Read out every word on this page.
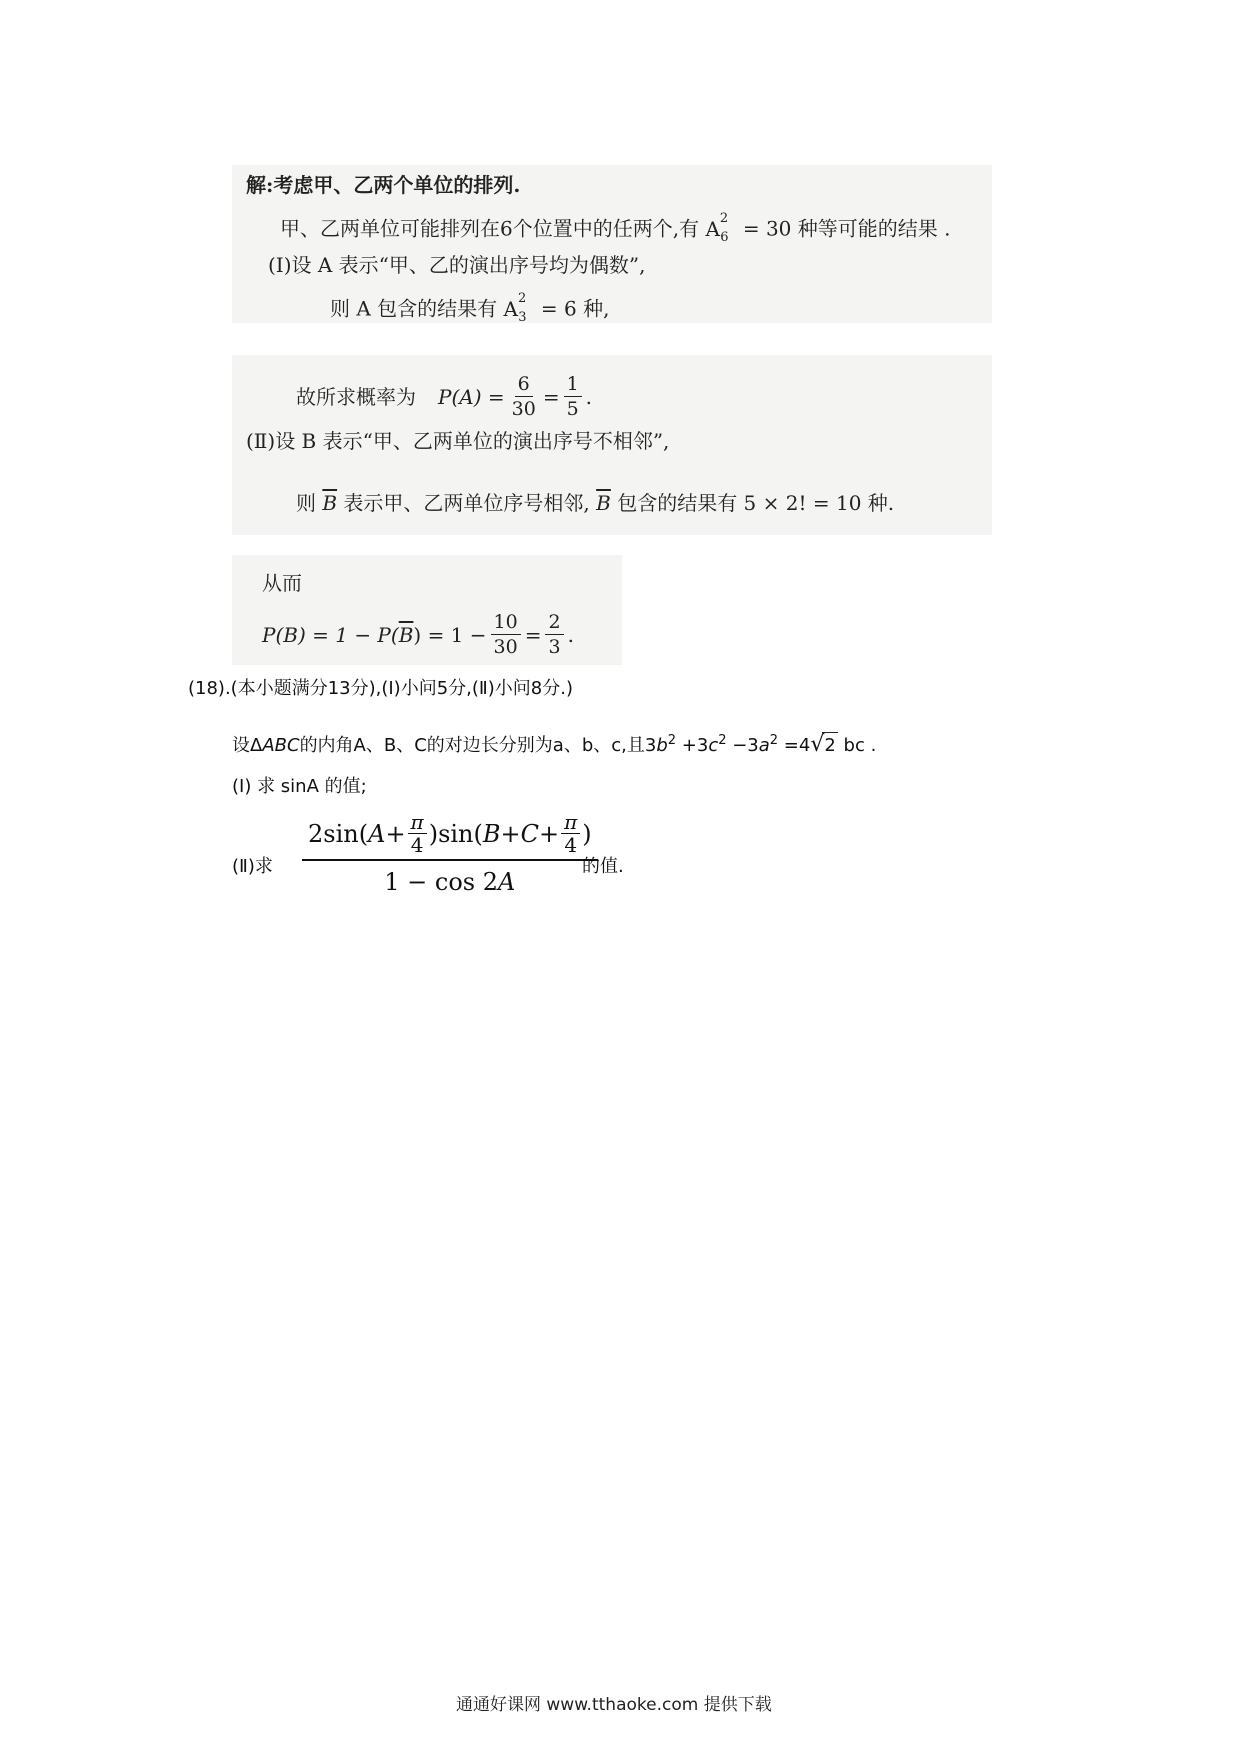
解:考虑甲、乙两个单位的排列.
甲、乙两单位可能排列在6个位置中的任两个,有 $A^2_6 = 30$ 种等可能的结果 .
(Ⅰ)设 A 表示“甲、乙的演出序号均为偶数”,
则 A 包含的结果有 $A^2_3 = 6$ 种,
故所求概率为 $P(A) = \frac{6}{30} = \frac{1}{5}$ .
(Ⅱ)设 B 表示“甲、乙两单位的演出序号不相邻”,
则 $\overline{B}$ 表示甲、乙两单位序号相邻, $\overline{B}$ 包含的结果有 5 × 2! = 10 种.
从而
P(B) = 1 − P( $\overline{B}$ ) = $1 - \frac{10}{30} = \frac{2}{3}$ .
(18).(本小题满分13分),(Ⅰ)小问5分,(Ⅱ)小问8分.)
设ΔABC的内角A、B、C的对边长分别为a、b、c,且$3b^2 +3c^2 -3a^2 =4√2$ bc .
(Ⅰ) 求 sinA 的值;
(Ⅱ)求 $\frac{2\sin( A + \frac{\pi}{4} )\sin( B + C + \frac{\pi}{4} )}{1 - \cos 2A}$
的值.
通通好课网 www.tthaoke.com 提供下载
